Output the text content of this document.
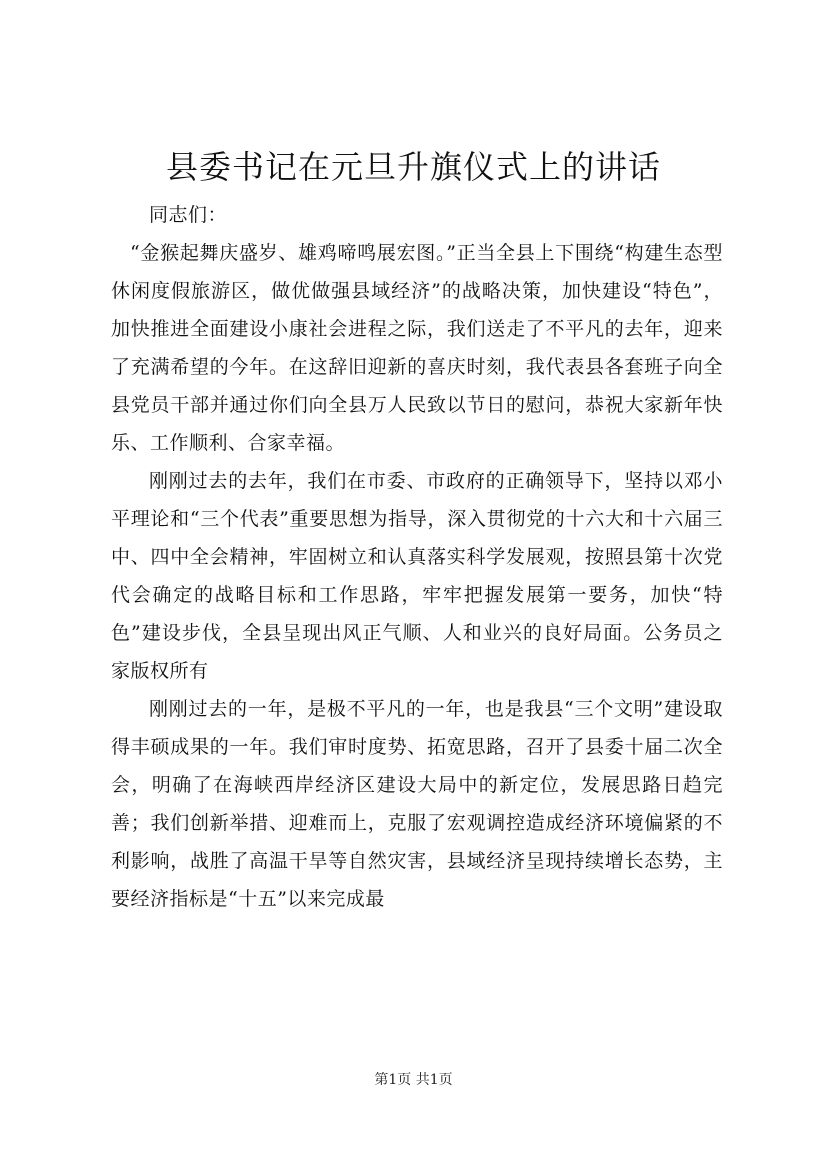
县委书记在元旦升旗仪式上的讲话

同志们：

“金猴起舞庆盛岁、雄鸡啼鸣展宏图。”正当全县上下围绕“构建生态型休闲度假旅游区，做优做强县域经济”的战略决策，加快建设“特色”，加快推进全面建设小康社会进程之际，我们送走了不平凡的去年，迎来了充满希望的今年。在这辞旧迎新的喜庆时刻，我代表县各套班子向全县党员干部并通过你们向全县万人民致以节日的慰问，恭祝大家新年快乐、工作顺利、合家幸福。

刚刚过去的去年，我们在市委、市政府的正确领导下，坚持以邓小平理论和“三个代表”重要思想为指导，深入贯彻党的十六大和十六届三中、四中全会精神，牢固树立和认真落实科学发展观，按照县第十次党代会确定的战略目标和工作思路，牢牢把握发展第一要务，加快“特色”建设步伐，全县呈现出风正气顺、人和业兴的良好局面。公务员之家版权所有

刚刚过去的一年，是极不平凡的一年，也是我县“三个文明”建设取得丰硕成果的一年。我们审时度势、拓宽思路，召开了县委十届二次全会，明确了在海峡西岸经济区建设大局中的新定位，发展思路日趋完善；我们创新举措、迎难而上，克服了宏观调控造成经济环境偏紧的不利影响，战胜了高温干旱等自然灾害，县域经济呈现持续增长态势，主要经济指标是“十五”以来完成最

第1页 共1页
